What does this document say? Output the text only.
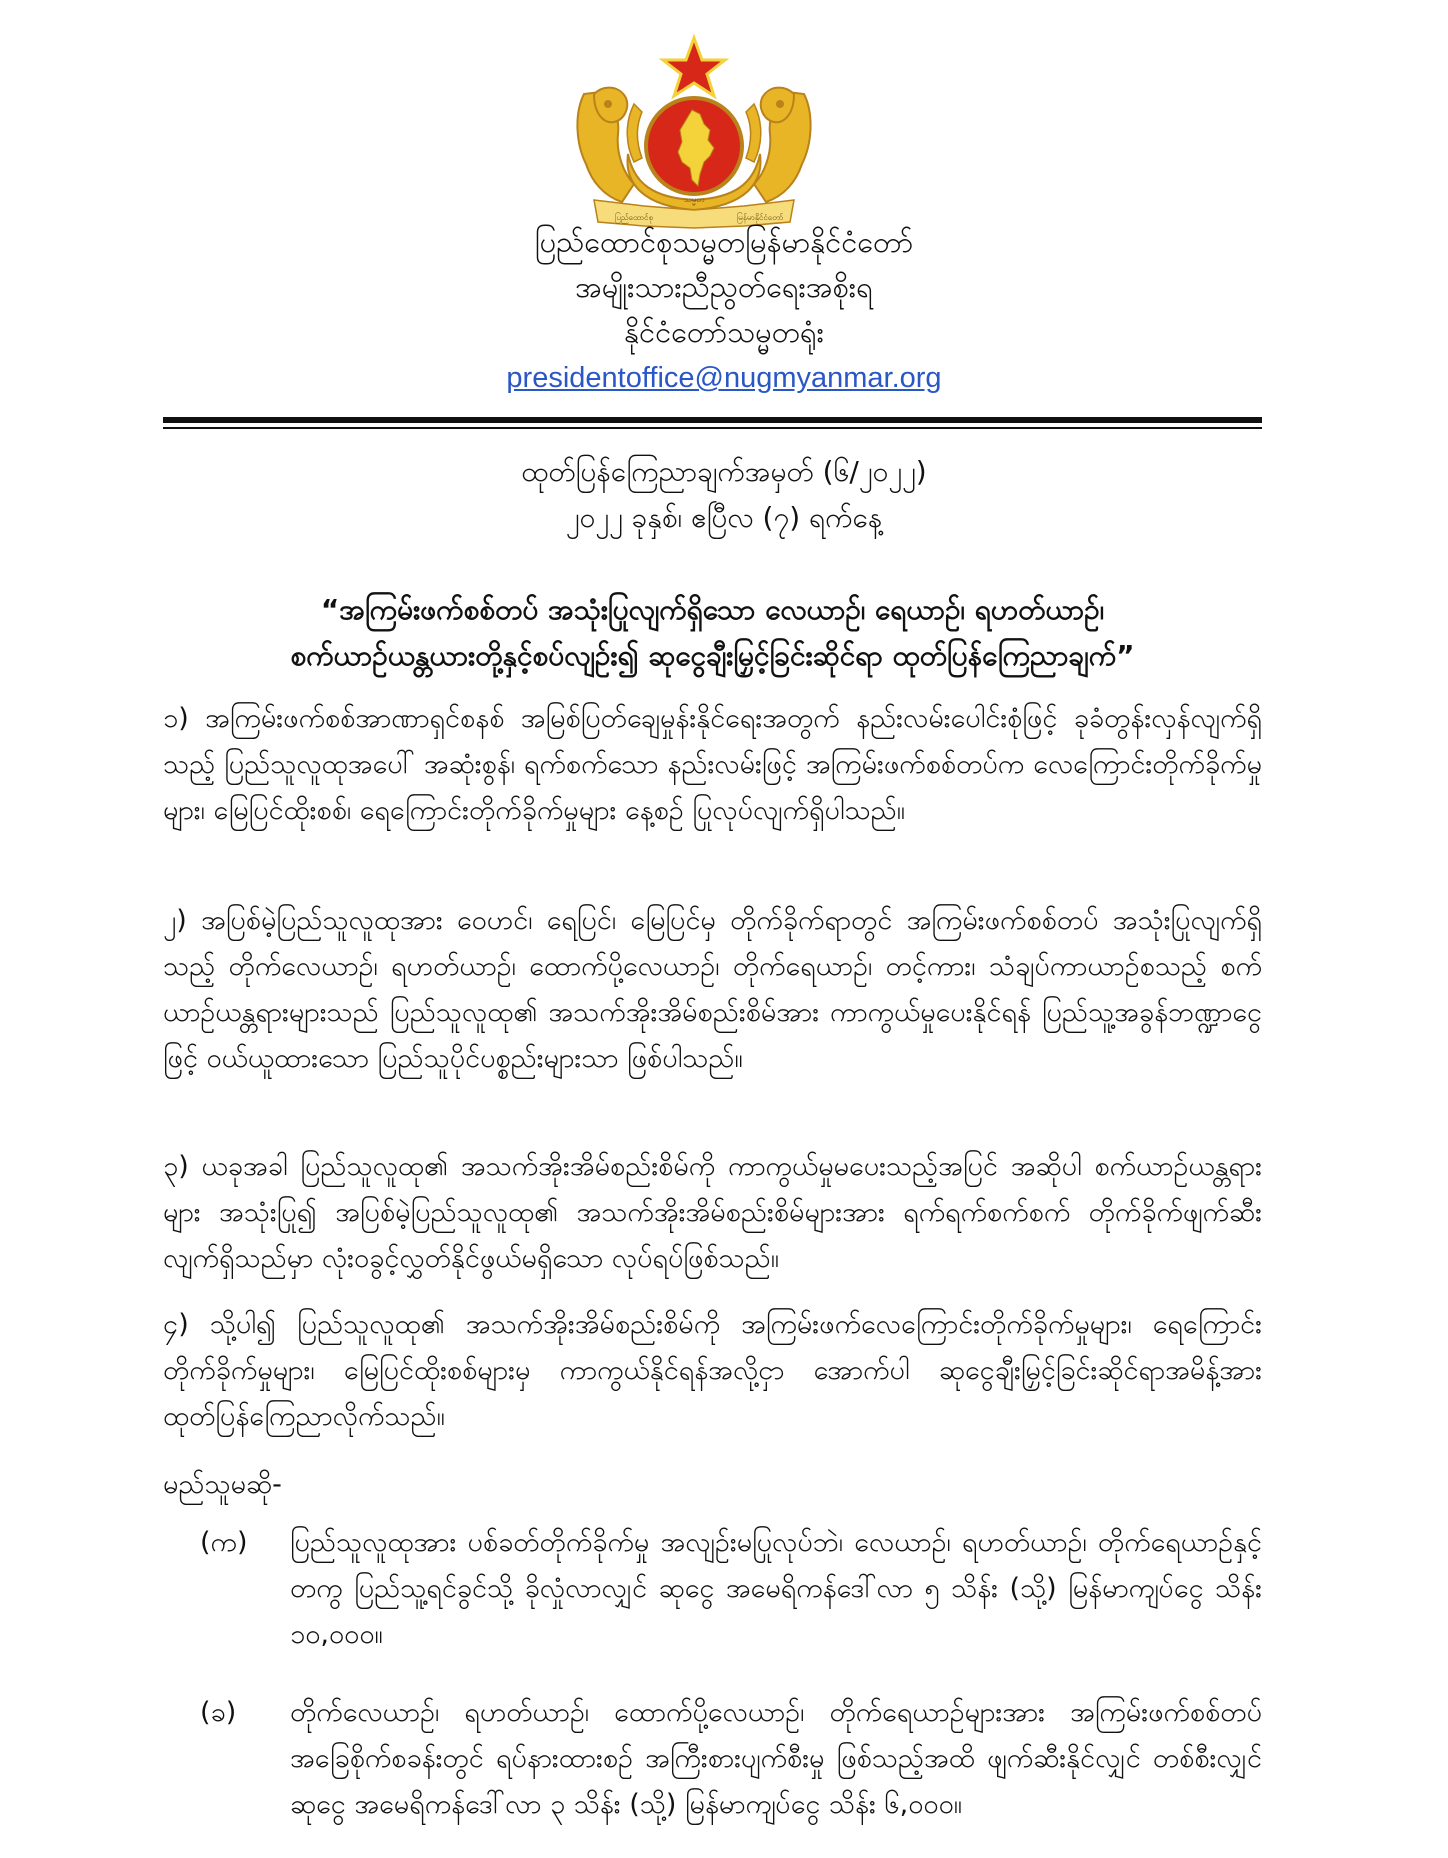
ပြည်ထောင်စု
သမ္မတ
မြန်မာနိုင်ငံတော်
ပြည်ထောင်စုသမ္မတမြန်မာနိုင်ငံတော်
အမျိုးသားညီညွတ်ရေးအစိုးရ
နိုင်ငံတော်သမ္မတရုံး
presidentoffice@nugmyanmar.org
ထုတ်ပြန်ကြေညာချက်အမှတ် (၆/၂၀၂၂)
၂၀၂၂ ခုနှစ်၊ ဧပြီလ (၇) ရက်နေ့
“အကြမ်းဖက်စစ်တပ် အသုံးပြုလျက်ရှိသော လေယာဉ်၊ ရေယာဉ်၊ ရဟတ်ယာဉ်၊
စက်ယာဉ်ယန္တယားတို့နှင့်စပ်လျဉ်း၍ ဆုငွေချီးမြှင့်ခြင်းဆိုင်ရာ ထုတ်ပြန်ကြေညာချက်”

၁) အကြမ်းဖက်စစ်အာဏာရှင်စနစ် အမြစ်ပြတ်ချေမှုန်းနိုင်ရေးအတွက် နည်းလမ်းပေါင်းစုံဖြင့် ခုခံတွန်းလှန်လျက်ရှိသည့် ပြည်သူလူထုအပေါ် အဆုံးစွန်၊ ရက်စက်သော နည်းလမ်းဖြင့် အကြမ်းဖက်စစ်တပ်က လေကြောင်းတိုက်ခိုက်မှုများ၊ မြေပြင်ထိုးစစ်၊ ရေကြောင်းတိုက်ခိုက်မှုများ နေ့စဉ် ပြုလုပ်လျက်ရှိပါသည်။

၂) အပြစ်မဲ့ပြည်သူလူထုအား ဝေဟင်၊ ရေပြင်၊ မြေပြင်မှ တိုက်ခိုက်ရာတွင် အကြမ်းဖက်စစ်တပ် အသုံးပြုလျက်ရှိသည့် တိုက်လေယာဉ်၊ ရဟတ်ယာဉ်၊ ထောက်ပို့လေယာဉ်၊ တိုက်ရေယာဉ်၊ တင့်ကား၊ သံချပ်ကာယာဉ်စသည့် စက်ယာဉ်ယန္တရားများသည် ပြည်သူလူထု၏ အသက်အိုးအိမ်စည်းစိမ်အား ကာကွယ်မှုပေးနိုင်ရန် ပြည်သူ့အခွန်ဘဏ္ဍာငွေဖြင့် ဝယ်ယူထားသော ပြည်သူပိုင်ပစ္စည်းများသာ ဖြစ်ပါသည်။

၃) ယခုအခါ ပြည်သူလူထု၏ အသက်အိုးအိမ်စည်းစိမ်ကို ကာကွယ်မှုမပေးသည့်အပြင် အဆိုပါ စက်ယာဉ်ယန္တရားများ အသုံးပြု၍ အပြစ်မဲ့ပြည်သူလူထု၏ အသက်အိုးအိမ်စည်းစိမ်များအား ရက်ရက်စက်စက် တိုက်ခိုက်ဖျက်ဆီးလျက်ရှိသည်မှာ လုံးဝခွင့်လွှတ်နိုင်ဖွယ်မရှိသော လုပ်ရပ်ဖြစ်သည်။

၄) သို့ပါ၍ ပြည်သူလူထု၏ အသက်အိုးအိမ်စည်းစိမ်ကို အကြမ်းဖက်လေကြောင်းတိုက်ခိုက်မှုများ၊ ရေကြောင်းတိုက်ခိုက်မှုများ၊ မြေပြင်ထိုးစစ်များမှ ကာကွယ်နိုင်ရန်အလို့ငှာ အောက်ပါ ဆုငွေချီးမြှင့်ခြင်းဆိုင်ရာအမိန့်အား ထုတ်ပြန်ကြေညာလိုက်သည်။

မည်သူမဆို-
(က)	ပြည်သူလူထုအား ပစ်ခတ်တိုက်ခိုက်မှု အလျဉ်းမပြုလုပ်ဘဲ၊ လေယာဉ်၊ ရဟတ်ယာဉ်၊ တိုက်ရေယာဉ်နှင့်တကွ ပြည်သူ့ရင်ခွင်သို့ ခိုလှုံလာလျှင် ဆုငွေ အမေရိကန်ဒေါ်လာ ၅ သိန်း (သို့) မြန်မာကျပ်ငွေ သိန်း ၁၀,၀၀၀။
(ခ)	တိုက်လေယာဉ်၊ ရဟတ်ယာဉ်၊ ထောက်ပို့လေယာဉ်၊ တိုက်ရေယာဉ်များအား အကြမ်းဖက်စစ်တပ် အခြေစိုက်စခန်းတွင် ရပ်နားထားစဉ် အကြီးစားပျက်စီးမှု ဖြစ်သည့်အထိ ဖျက်ဆီးနိုင်လျှင် တစ်စီးလျှင် ဆုငွေ အမေရိကန်ဒေါ်လာ ၃ သိန်း (သို့) မြန်မာကျပ်ငွေ သိန်း ၆,၀၀၀။
